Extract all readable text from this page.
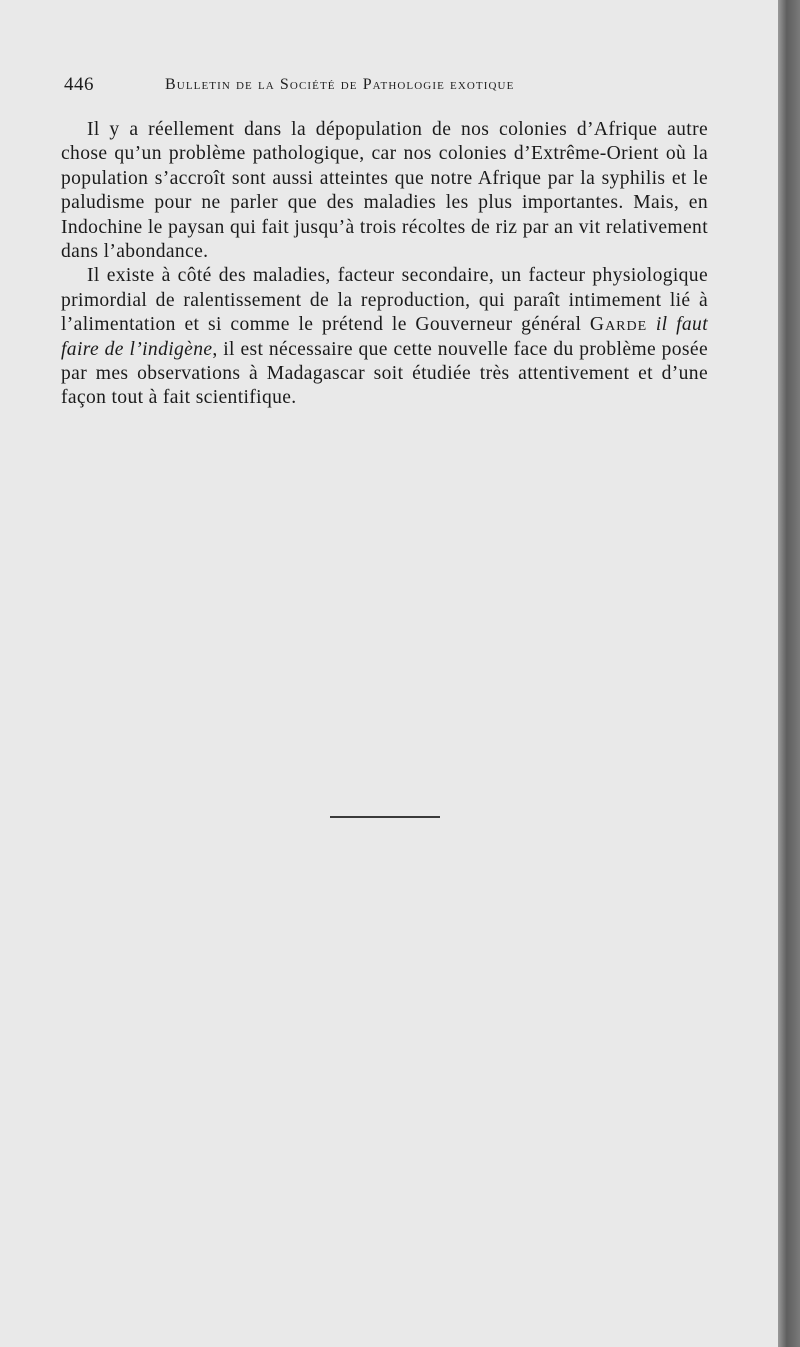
446	Bulletin de la Société de Pathologie exotique

Il y a réellement dans la dépopulation de nos colonies d’Afrique autre chose qu’un problème pathologique, car nos colonies d’Extrême-Orient où la population s’accroît sont aussi atteintes que notre Afrique par la syphilis et le paludisme pour ne parler que des maladies les plus importantes. Mais, en Indochine le paysan qui fait jusqu’à trois récoltes de riz par an vit relativement dans l’abondance.

Il existe à côté des maladies, facteur secondaire, un facteur physiologique primordial de ralentissement de la reproduction, qui paraît intimement lié à l’alimentation et si comme le prétend le Gouverneur général Garde il faut faire de l’indigène, il est nécessaire que cette nouvelle face du problème posée par mes observations à Madagascar soit étudiée très attentivement et d’une façon tout à fait scientifique.
